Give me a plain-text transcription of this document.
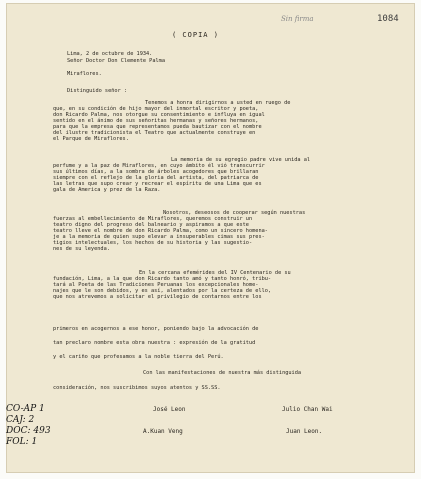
Sin firma	1084
( COPIA )
Lima, 2 de octubre de 1934.
Señor Doctor Don Clemente Palma
Miraflores.
Distinguido señor :
Tenemos a honra dirigirnos a usted en ruego de
que, en su condición de hijo mayor del inmortal escritor y poeta,
don Ricardo Palma, nos otorgue su consentimiento e influya en igual
sentido en el ánimo de sus señoritas hermanas y señores hermanos,
para que la empresa que representamos pueda bautizar con el nombre
del ilustre tradicionista el Teatro que actualmente construye en
el Parque de Miraflores.
La memoria de su egregio padre vive unida al
perfume y a la paz de Miraflores, en cuyo ámbito él vió transcurrir
sus últimos días, a la sombra de árboles acogedores que brillaran
siempre con el reflejo de la gloria del artista, del patriarca de
las letras que supo crear y recrear el espíritu de una Lima que es
gala de America y prez de la Raza.
Nosotros, deseosos de cooperar según nuestras
fuerzas al embellecimiento de Miraflores, queremos construir un
teatro digno del progreso del balneario y aspiramos a que este
teatro lleve el nombre de don Ricardo Palma, como un sincero homena-
je a la memoria de quien supo elevar a insuperables cimas sus pres-
tigios intelectuales, los hechos de su historia y las sugestio-
nes de su leyenda.
En la cercana efemérides del IV Centenario de su
fundación, Lima, a la que don Ricardo tanto amó y tanto honró, tribu-
tará al Poeta de las Tradiciones Peruanas los excepcionales home-
najes que le son debidos, y es así, alentados por la certeza de ello,
que nos atrevemos a solicitar el privilegio de contarnos entre los
primeros en acogernos a ese honor, poniendo bajo la advocación de
tan preclaro nombre esta obra nuestra : expresión de la gratitud
y el cariño que profesamos a la noble tierra del Perú.
Con las manifestaciones de nuestra más distinguida
consideración, nos suscribimos suyos atentos y SS.SS.
José Leon	Julio Chan Wai
A.Kuan Veng	Juan Leon.
CO-AP 1
CAJ: 2
DOC: 493
FOL: 1
